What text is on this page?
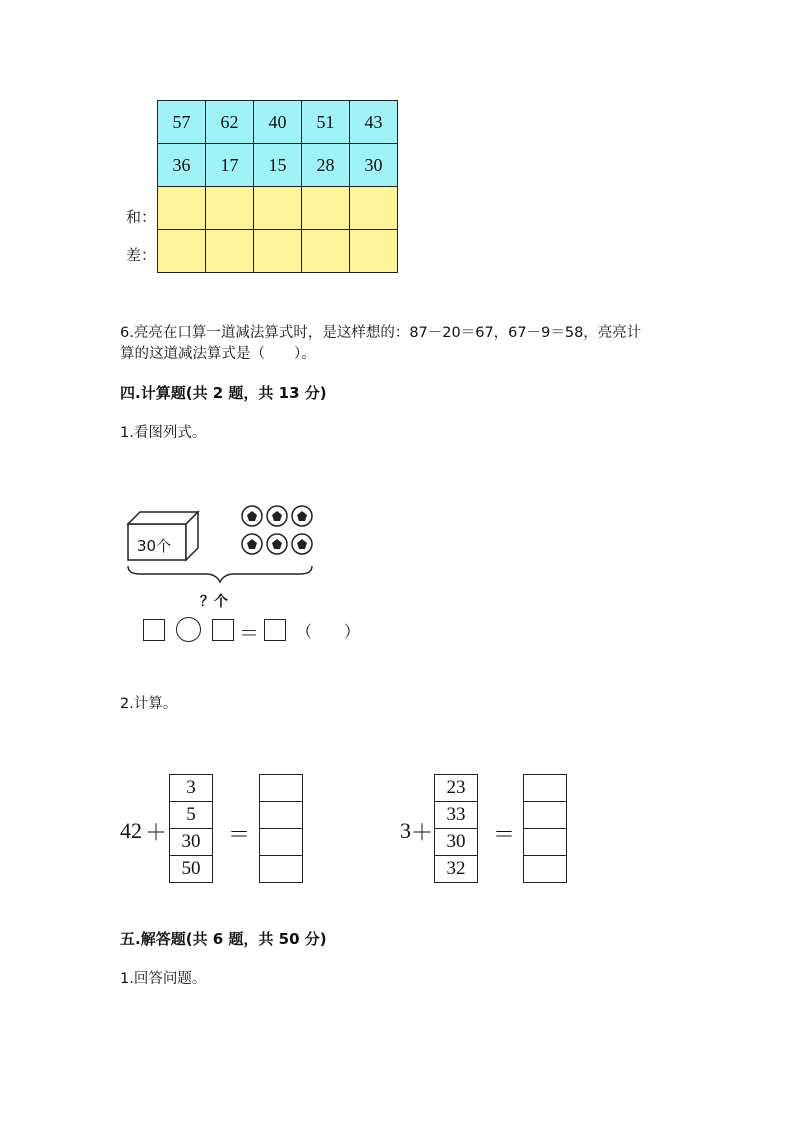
57	62	40	51	43
36	17	15	28	30

和：
差：
6.亮亮在口算一道减法算式时，是这样想的：87－20＝67，67－9＝58，亮亮计
算的这道减法算式是（　　）。
四.计算题(共 2 题，共 13 分)
1.看图列式。
30个
？个
＝ （　　）
2.计算。
42 ＋
3
5
30
50
＝	3 ＋
23
33
30
32
＝

五.解答题(共 6 题，共 50 分)
1.回答问题。
